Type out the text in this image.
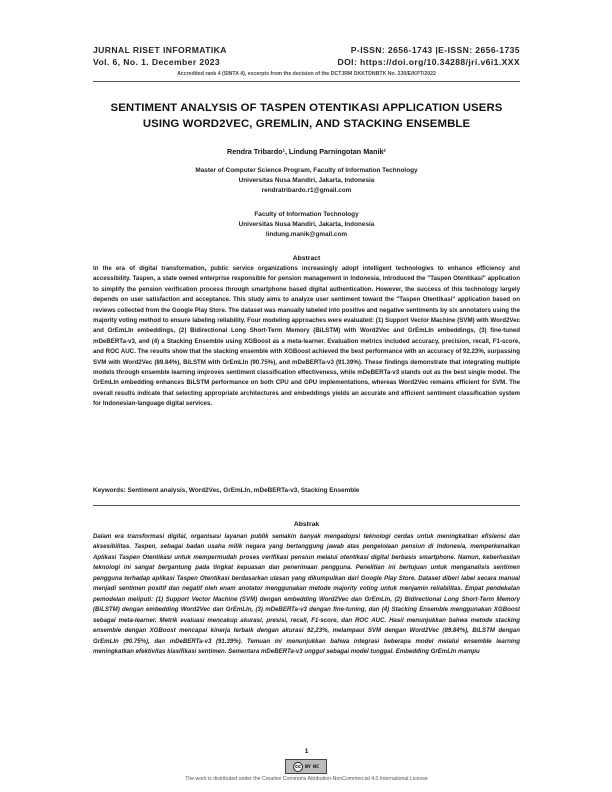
JURNAL RISET INFORMATIKA	P-ISSN: 2656-1743 |E-ISSN: 2656-1735
Vol. 6, No. 1. December 2023	DOI: https://doi.org/10.34288/jri.v6i1.XXX
Accredited rank 4 (SINTA 4), excerpts from the decision of the DCTJRM DKKTDNBTK No. 230/E/KPT/2022
SENTIMENT ANALYSIS OF TASPEN OTENTIKASI APPLICATION USERS
USING WORD2VEC, GREMLIN, AND STACKING ENSEMBLE
Rendra Tribardo¹, Lindung Parningotan Manik²
Master of Computer Science Program, Faculty of Information Technology
Universitas Nusa Mandiri, Jakarta, Indonesia
rendratribardo.r1@gmail.com
Faculty of Information Technology
Universitas Nusa Mandiri, Jakarta, Indonesia
lindung.manik@gmail.com
Abstract
In the era of digital transformation, public service organizations increasingly adopt intelligent technologies to enhance efficiency and accessibility. Taspen, a state owned enterprise responsible for pension management in Indonesia, introduced the "Taspen Otentikasi" application to simplify the pension verification process through smartphone based digital authentication. However, the success of this technology largely depends on user satisfaction and acceptance. This study aims to analyze user sentiment toward the "Taspen Otentikasi" application based on reviews collected from the Google Play Store. The dataset was manually labeled into positive and negative sentiments by six annotators using the majority voting method to ensure labeling reliability. Four modeling approaches were evaluated: (1) Support Vector Machine (SVM) with Word2Vec and GrEmLIn embeddings, (2) Bidirectional Long Short-Term Memory (BiLSTM) with Word2Vec and GrEmLIn embeddings, (3) fine-tuned mDeBERTa-v3, and (4) a Stacking Ensemble using XGBoost as a meta-learner. Evaluation metrics included accuracy, precision, recall, F1-score, and ROC AUC. The results show that the stacking ensemble with XGBoost achieved the best performance with an accuracy of 92.23%, surpassing SVM with Word2Vec (89.84%), BiLSTM with GrEmLIn (90.75%), and mDeBERTa-v3 (91.39%). These findings demonstrate that integrating multiple models through ensemble learning improves sentiment classification effectiveness, while mDeBERTa-v3 stands out as the best single model. The GrEmLIn embedding enhances BiLSTM performance on both CPU and GPU implementations, whereas Word2Vec remains efficient for SVM. The overall results indicate that selecting appropriate architectures and embeddings yields an accurate and efficient sentiment classification system for Indonesian-language digital services.
Keywords: Sentiment analysis, Word2Vec, GrEmLIn, mDeBERTa-v3, Stacking Ensemble
Abstrak
Dalam era transformasi digital, organisasi layanan publik semakin banyak mengadopsi teknologi cerdas untuk meningkatkan efisiensi dan aksesibilitas. Taspen, sebagai badan usaha milik negara yang bertanggung jawab atas pengelolaan pensiun di Indonesia, memperkenalkan Aplikasi Taspen Otentikasi untuk mempermudah proses verifikasi pensiun melalui otentikasi digital berbasis smartphone. Namun, keberhasilan teknologi ini sangat bergantung pada tingkat kepuasan dan penerimaan pengguna. Penelitian ini bertujuan untuk menganalisis sentimen pengguna terhadap aplikasi Taspen Otentikasi berdasarkan ulasan yang dikumpulkan dari Google Play Store. Dataset diberi label secara manual menjadi sentimen positif dan negatif oleh enam anotator menggunakan metode majority voting untuk menjamin reliabilitas. Empat pendekatan pemodelan meliputi: (1) Support Vector Machine (SVM) dengan embedding Word2Vec dan GrEmLIn, (2) Bidirectional Long Short-Term Memory (BiLSTM) dengan embedding Word2Vec dan GrEmLIn, (3) mDeBERTa-v3 dengan fine-tuning, dan (4) Stacking Ensemble menggunakan XGBoost sebagai meta-learner. Metrik evaluasi mencakup akurasi, presisi, recall, F1-score, dan ROC AUC. Hasil menunjukkan bahwa metode stacking ensemble dengan XGBoost mencapai kinerja terbaik dengan akurasi 92,23%, melampaui SVM dengan Word2Vec (89.84%), BiLSTM dengan GrEmLIn (90.75%), dan mDeBERTa-v3 (91.39%). Temuan ini menunjukkan bahwa integrasi beberapa model melalui ensemble learning meningkatkan efektivitas klasifikasi sentimen. Sementara mDeBERTa-v3 unggul sebagai model tunggal. Embedding GrEmLIn mampu
1
cc	BY NC
The work is distributed under the Creative Commons Attribution-NonCommercial 4.0 International License
